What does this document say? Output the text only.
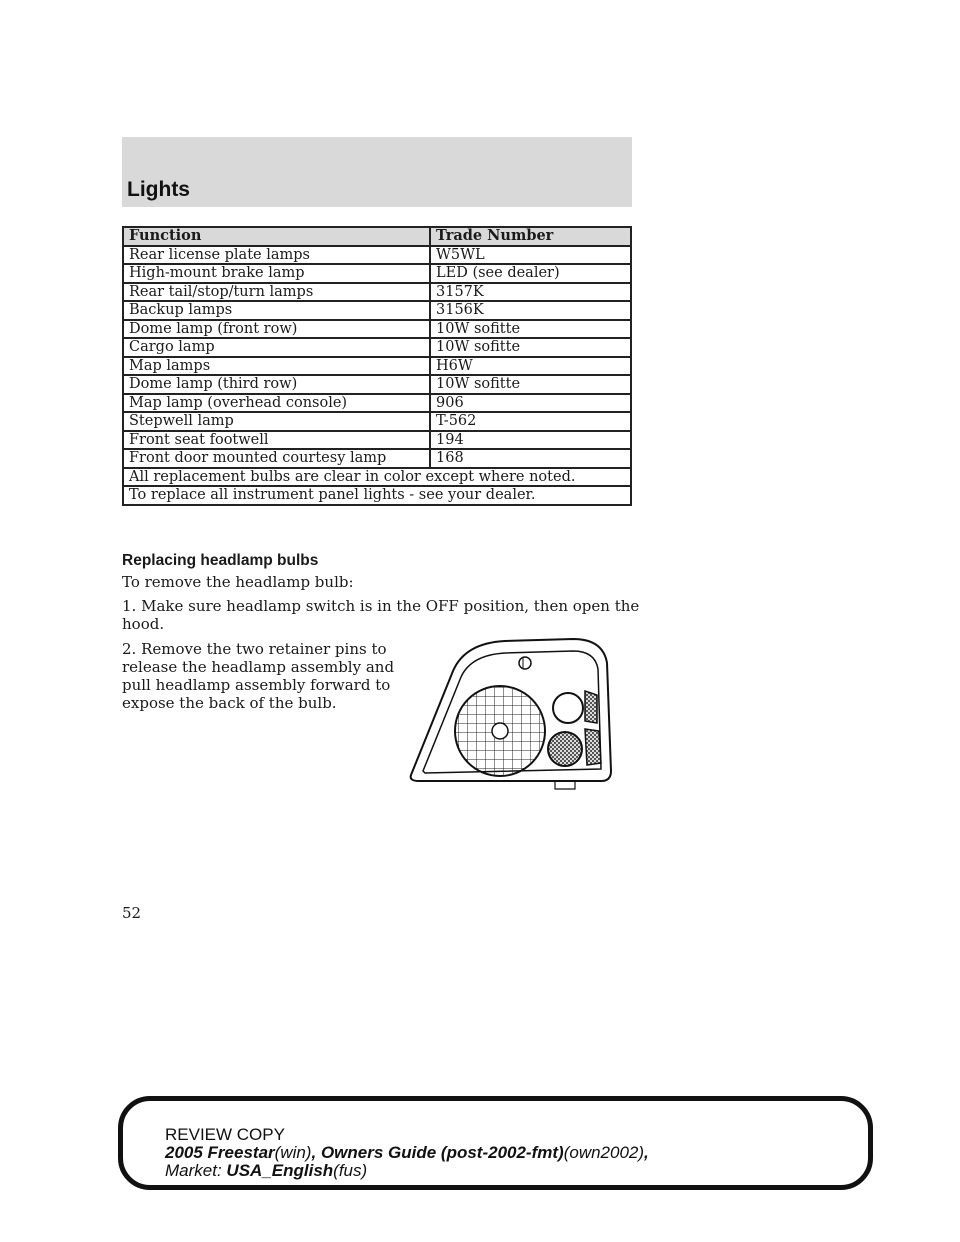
Lights
Function	Trade Number
Rear license plate lamps	W5WL
High-mount brake lamp	LED (see dealer)
Rear tail/stop/turn lamps	3157K
Backup lamps	3156K
Dome lamp (front row)	10W sofitte
Cargo lamp	10W sofitte
Map lamps	H6W
Dome lamp (third row)	10W sofitte
Map lamp (overhead console)	906
Stepwell lamp	T-562
Front seat footwell	194
Front door mounted courtesy lamp	168
All replacement bulbs are clear in color except where noted.	
To replace all instrument panel lights - see your dealer.	
Replacing headlamp bulbs
To remove the headlamp bulb:
1. Make sure headlamp switch is in the OFF position, then open the
hood.
2. Remove the two retainer pins to
release the headlamp assembly and
pull headlamp assembly forward to
expose the back of the bulb.
52
REVIEW COPY
2005 Freestar(win), Owners Guide (post-2002-fmt)(own2002),
Market: USA_English(fus)
